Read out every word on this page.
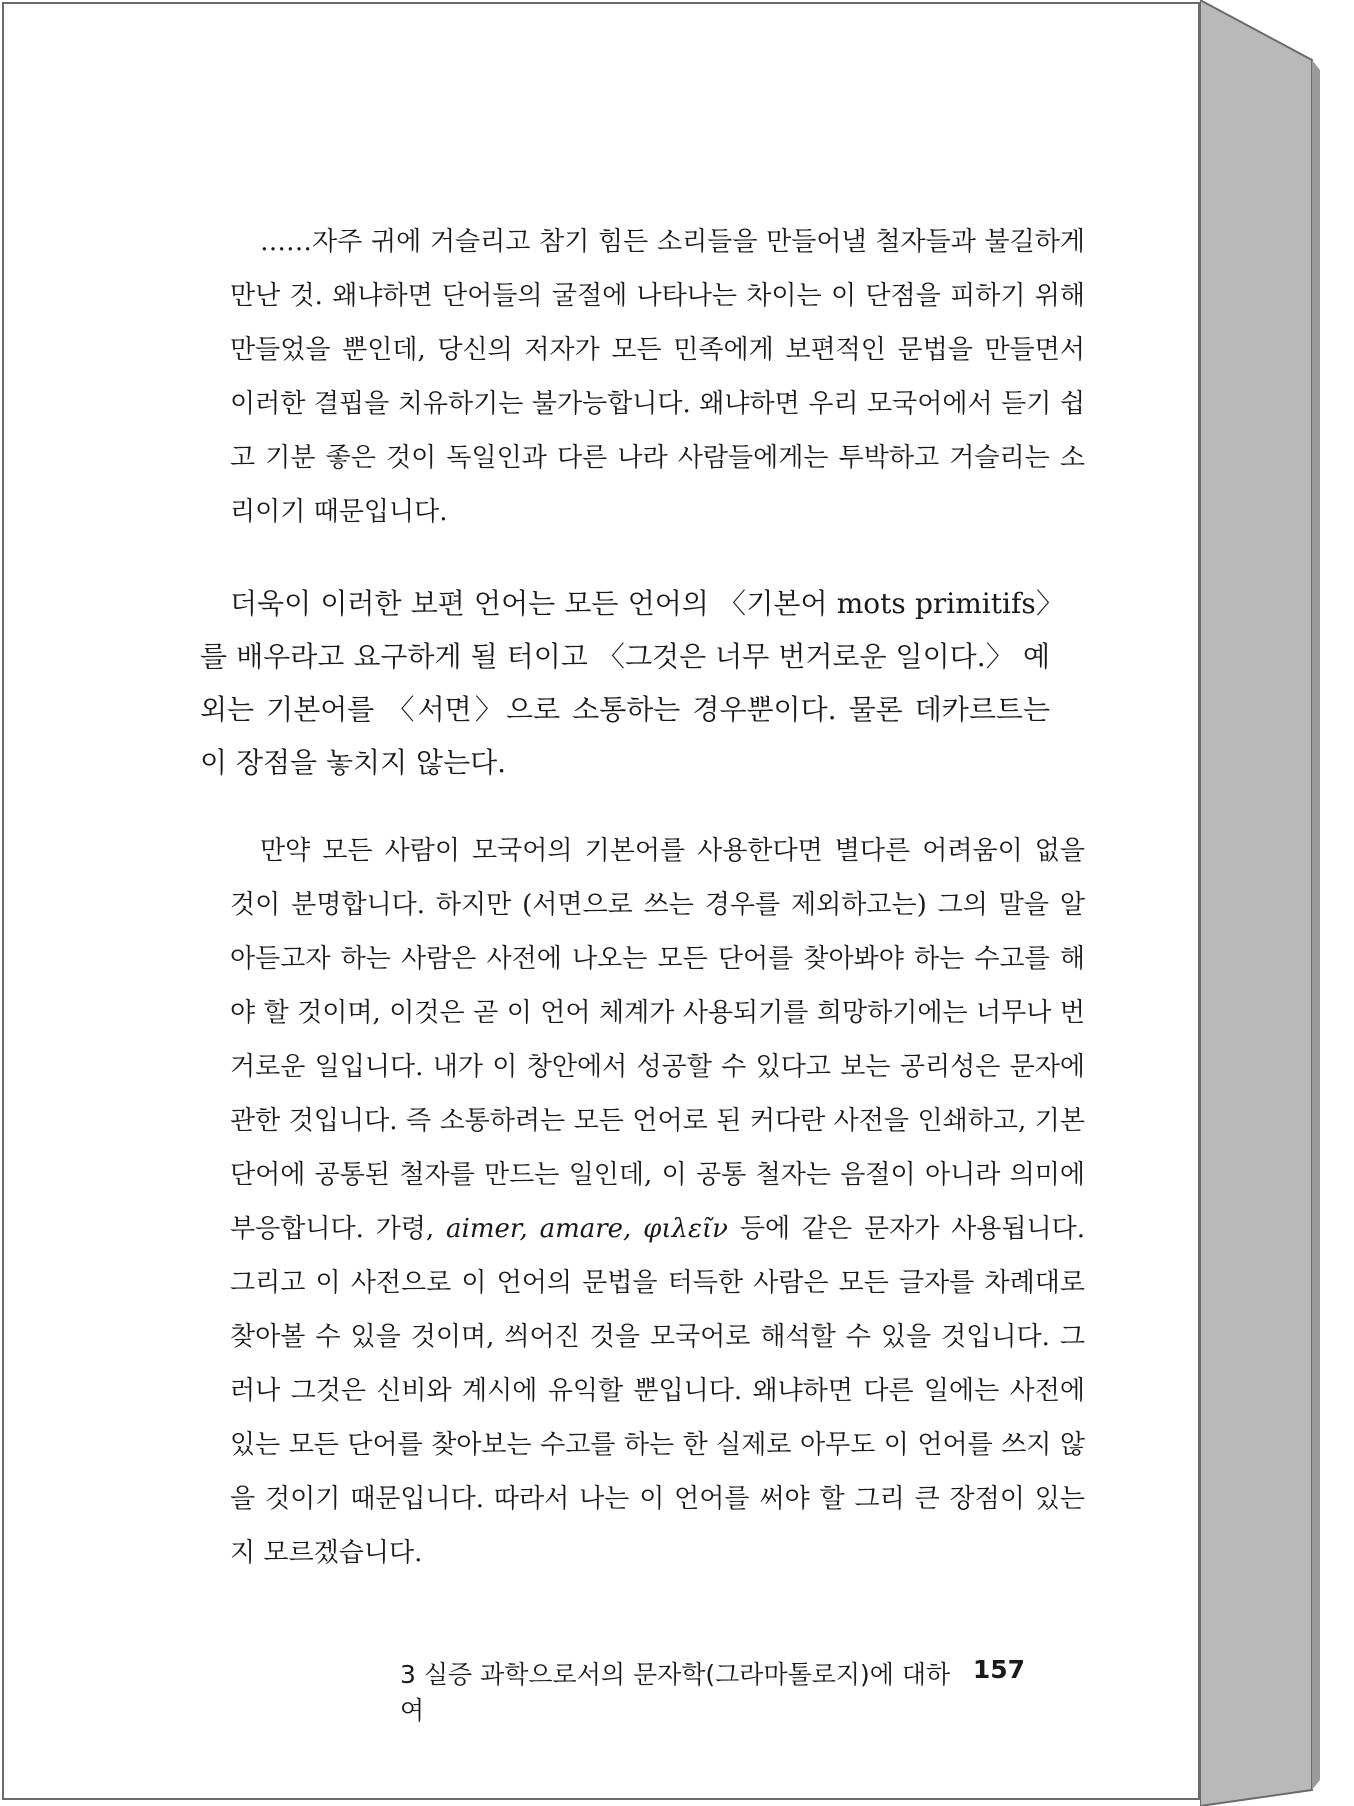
……자주 귀에 거슬리고 참기 힘든 소리들을 만들어낼 철자들과 불길하게 만난 것. 왜냐하면 단어들의 굴절에 나타나는 차이는 이 단점을 피하기 위해 만들었을 뿐인데, 당신의 저자가 모든 민족에게 보편적인 문법을 만들면서 이러한 결핍을 치유하기는 불가능합니다. 왜냐하면 우리 모국어에서 듣기 쉽고 기분 좋은 것이 독일인과 다른 나라 사람들에게는 투박하고 거슬리는 소리이기 때문입니다.

더욱이 이러한 보편 언어는 모든 언어의 〈기본어 mots primitifs〉를 배우라고 요구하게 될 터이고 〈그것은 너무 번거로운 일이다.〉 예외는 기본어를 〈서면〉으로 소통하는 경우뿐이다. 물론 데카르트는 이 장점을 놓치지 않는다.

만약 모든 사람이 모국어의 기본어를 사용한다면 별다른 어려움이 없을 것이 분명합니다. 하지만 (서면으로 쓰는 경우를 제외하고는) 그의 말을 알아듣고자 하는 사람은 사전에 나오는 모든 단어를 찾아봐야 하는 수고를 해야 할 것이며, 이것은 곧 이 언어 체계가 사용되기를 희망하기에는 너무나 번거로운 일입니다. 내가 이 창안에서 성공할 수 있다고 보는 공리성은 문자에 관한 것입니다. 즉 소통하려는 모든 언어로 된 커다란 사전을 인쇄하고, 기본 단어에 공통된 철자를 만드는 일인데, 이 공통 철자는 음절이 아니라 의미에 부응합니다. 가령, aimer, amare, φιλεῖν 등에 같은 문자가 사용됩니다. 그리고 이 사전으로 이 언어의 문법을 터득한 사람은 모든 글자를 차례대로 찾아볼 수 있을 것이며, 씌어진 것을 모국어로 해석할 수 있을 것입니다. 그러나 그것은 신비와 계시에 유익할 뿐입니다. 왜냐하면 다른 일에는 사전에 있는 모든 단어를 찾아보는 수고를 하는 한 실제로 아무도 이 언어를 쓰지 않을 것이기 때문입니다. 따라서 나는 이 언어를 써야 할 그리 큰 장점이 있는지 모르겠습니다.

3 실증 과학으로서의 문자학(그라마톨로지)에 대하여
157
